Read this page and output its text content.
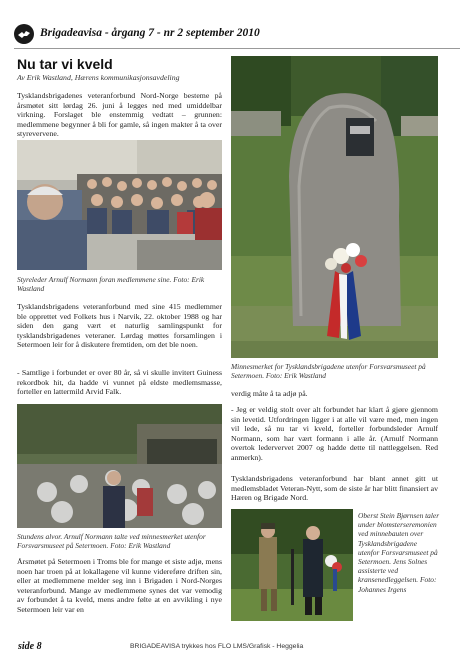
Brigadeavisa - årgang 7 - nr 2 september 2010
Nu tar vi kveld
Av Erik Wastland, Hærens kommunikasjonsavdeling
Tysklandsbrigadenes veteranforbund Nord-Norge besteme på årsmøtet sitt lørdag 26. juni å legges ned med umiddelbar virkning. Forslaget ble enstemmig vedtatt – grunnen: medlemmene begynner å bli for gamle, så ingen makter å ta over styrevervene.
Styreleder Arnulf Normann foran medlemmene sine. Foto: Erik Wastland
Tysklandsbrigadens veteranforbund med sine 415 medlemmer ble opprettet ved Folkets hus i Narvik, 22. oktober 1988 og har siden den gang vært et naturlig samlingspunkt for tysklandsbrigadenes veteraner. Lørdag møttes forsamlingen i Setermoen leir for å diskutere fremtiden, om det ble noen.
- Samtlige i forbundet er over 80 år, så vi skulle invitert Guiness rekordbok hit, da hadde vi vunnet på eldste medlemsmasse, forteller en lattermild Arvid Falk.
Stundens alvor. Arnulf Normann talte ved minnesmerket utenfor Forsvarsmuseet på Setermoen. Foto: Erik Wastland
Årsmøtet på Setermoen i Troms ble for mange et siste adjø, mens noen har troen på at lokallagene vil kunne videreføre driften sin, eller at medlemmene melder seg inn i Brigaden i Nord-Norges veteranforbund. Mange av medlemmene synes det var vemodig av forbundet å ta kveld, mens andre føltе at en avvikling i nye Setermoen leir var en
Minnesmerket for Tysklandsbrigadene utenfor Forsvarsmuseet på Setermoen. Foto: Erik Wastland
verdig måte å ta adjø på.
- Jeg er veldig stolt over alt forbundet har klart å gjøre gjennom sin levetid. Utfordringen ligger i at alle vil være med, men ingen vil lede, så nu tar vi kveld, forteller forbundsleder Arnulf Normann, som har vært formann i alle år. (Arnulf Normann overtok ledervervet 2007 og hadde dette til nattleggelsen. Red anmerkn).
Tysklandsbrigadens veteranforbund har blant annet gitt ut medlemsbladet Veteran-Nytt, som de siste år har blitt finansiert av Hæren og Brigade Nord.
Oberst Stein Bjørnsen taler under blomsterseremonien ved minnebauten over Tysklandsbrigadene utenfor Forsvarsmuseet på Setermoen. Jens Solnes assisterte ved kransenedleggelsen. Foto: Johannes Irgens
side 8	BRIGADEAVISA trykkes hos FLO LMS/Grafisk - Heggelia
